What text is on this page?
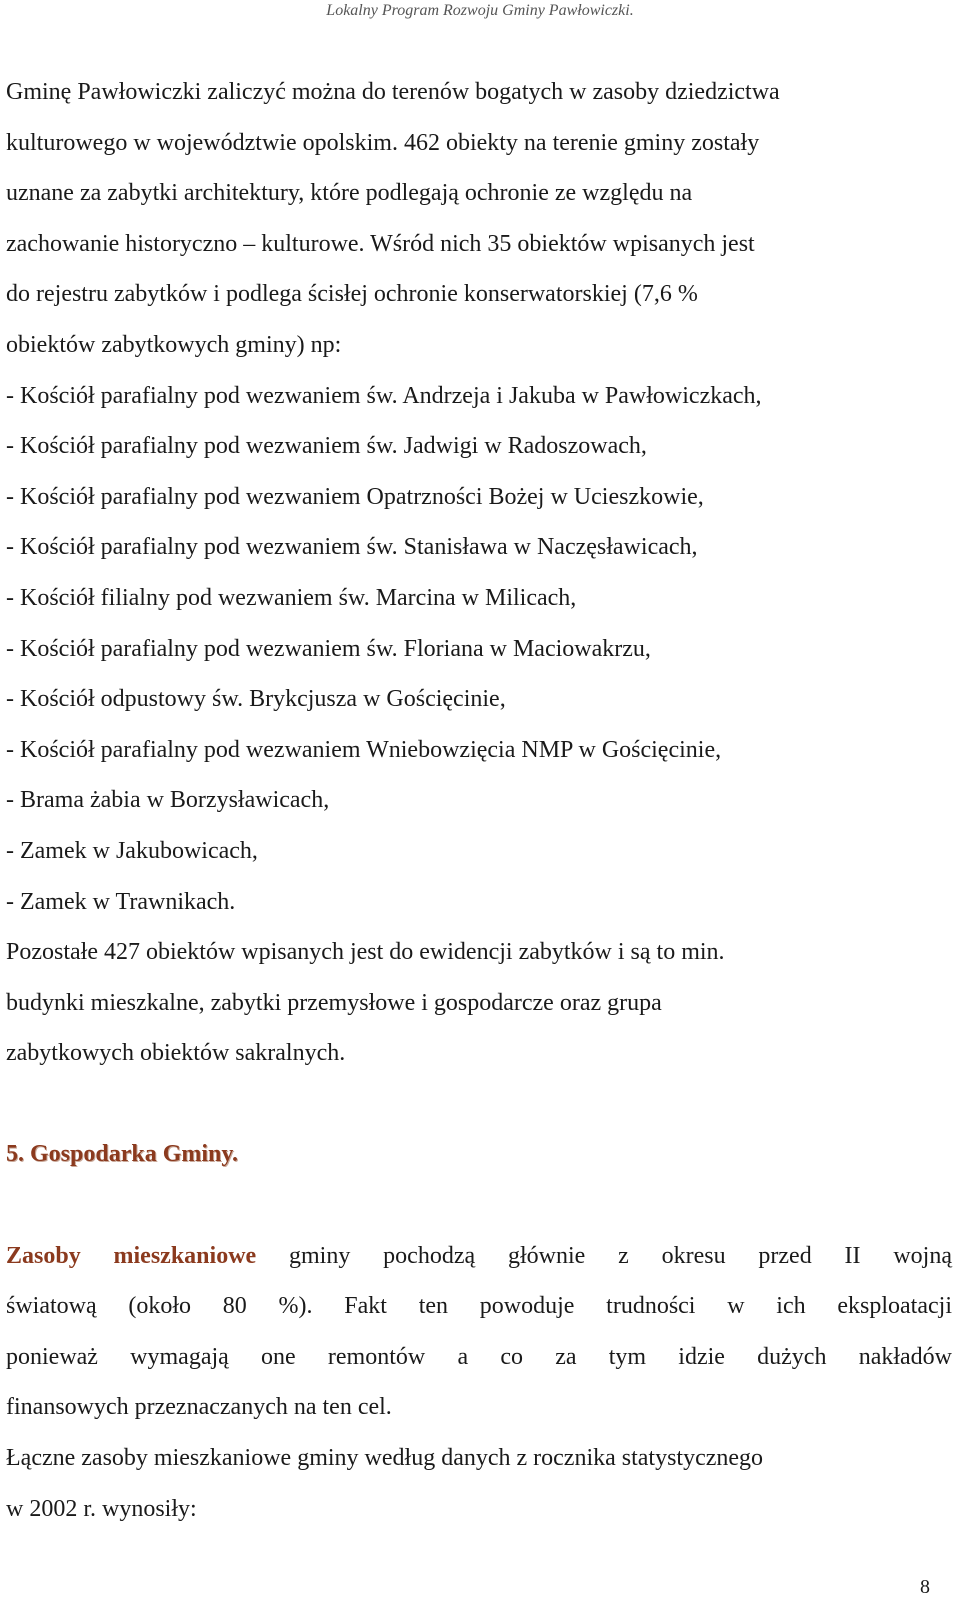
Lokalny Program Rozwoju Gminy Pawłowiczki.
Gminę Pawłowiczki zaliczyć można do terenów bogatych w zasoby dziedzictwa
kulturowego w województwie opolskim. 462 obiekty na terenie gminy zostały
uznane za zabytki architektury, które podlegają ochronie ze względu na
zachowanie historyczno – kulturowe. Wśród nich 35 obiektów wpisanych jest
do rejestru zabytków i podlega ścisłej ochronie konserwatorskiej (7,6 %
obiektów zabytkowych gminy) np:
- Kościół parafialny pod wezwaniem św. Andrzeja i Jakuba w Pawłowiczkach,
- Kościół parafialny pod wezwaniem św. Jadwigi w Radoszowach,
- Kościół parafialny pod wezwaniem Opatrzności Bożej w Ucieszkowie,
- Kościół parafialny pod wezwaniem św. Stanisława w Naczęsławicach,
- Kościół filialny pod wezwaniem św. Marcina w Milicach,
- Kościół parafialny pod wezwaniem św. Floriana w Maciowakrzu,
- Kościół odpustowy św. Brykcjusza w Gościęcinie,
- Kościół parafialny pod wezwaniem Wniebowzięcia NMP w Gościęcinie,
- Brama żabia w Borzysławicach,
- Zamek w Jakubowicach,
- Zamek w Trawnikach.
Pozostałe 427 obiektów wpisanych jest do ewidencji zabytków i są to min.
budynki mieszkalne, zabytki przemysłowe i gospodarcze oraz grupa
zabytkowych obiektów sakralnych.
5. Gospodarka Gminy.
Zasoby mieszkaniowe gminy pochodzą głównie z okresu przed II wojną
światową (około 80 %). Fakt ten powoduje trudności w ich eksploatacji
ponieważ wymagają one remontów a co za tym idzie dużych nakładów
finansowych przeznaczanych na ten cel.
Łączne zasoby mieszkaniowe gminy według danych z rocznika statystycznego
w 2002 r. wynosiły:
8
